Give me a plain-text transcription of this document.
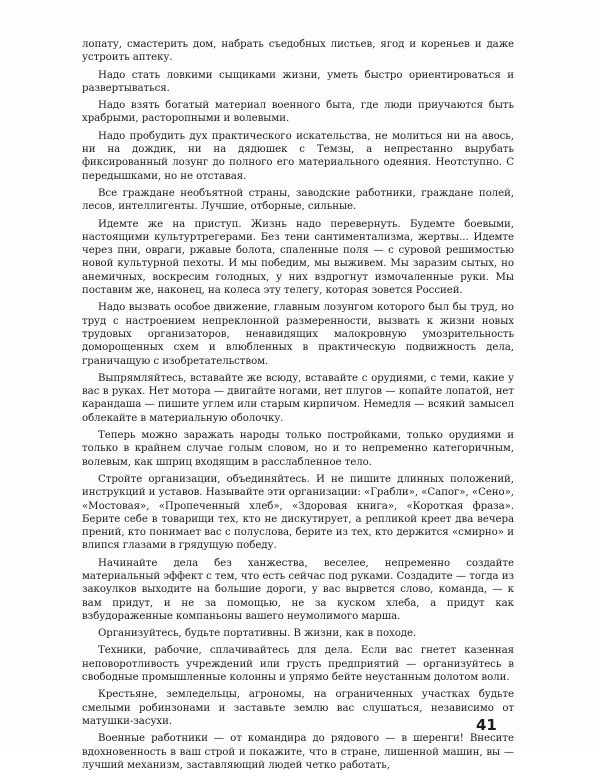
лопату, смастерить дом, набрать съедобных листьев, ягод и кореньев и даже устроить аптеку.

Надо стать ловкими сыщиками жизни, уметь быстро ориентироваться и развертываться.

Надо взять богатый материал военного быта, где люди приучаются быть храбрыми, расторопными и волевыми.

Надо пробудить дух практического искательства, не молиться ни на авось, ни на дождик, ни на дядюшек с Темзы, а непрестанно вырубать фиксированный лозунг до полного его материального одеяния. Неотступно. С передышками, но не отставая.

Все граждане необъятной страны, заводские работники, граждане полей, лесов, интеллигенты. Лучшие, отборные, сильные.

Идемте же на приступ. Жизнь надо перевернуть. Будемте боевыми, настоящими культуртрегерами. Без тени сантиментализма, жертвы... Идемте через пни, овраги, ржавые болота, спаленные поля — с суровой решимостью новой культурной пехоты. И мы победим, мы выживем. Мы заразим сытых, но анемичных, воскресим голодных, у них вздрогнут измочаленные руки. Мы поставим же, наконец, на колеса эту телегу, которая зовется Россией.

Надо вызвать особое движение, главным лозунгом которого был бы труд, но труд с настроением непреклонной размеренности, вызвать к жизни новых трудовых организаторов, ненавидящих малокровную умозрительность доморощенных схем и влюбленных в практическую подвижность дела, граничащую с изобретательством.

Выпрямляйтесь, вставайте же всюду, вставайте с орудиями, с теми, какие у вас в руках. Нет мотора — двигайте ногами, нет плугов — копайте лопатой, нет карандаша — пишите углем или старым кирпичом. Немедля — всякий замысел облекайте в материальную оболочку.

Теперь можно заражать народы только постройками, только орудиями и только в крайнем случае голым словом, но и то непременно категоричным, волевым, как шприц входящим в расслабленное тело.

Стройте организации, объединяйтесь. И не пишите длинных положений, инструкций и уставов. Называйте эти организации: «Грабли», «Сапог», «Сено», «Мостовая», «Пропеченный хлеб», «Здоровая книга», «Короткая фраза». Берите себе в товарищи тех, кто не дискутирует, а репликой креет два вечера прений, кто понимает вас с полуслова, берите из тех, кто держится «смирно» и влипся глазами в грядущую победу.

Начинайте дела без ханжества, веселее, непременно создайте материальный эффект с тем, что есть сейчас под руками. Создадите — тогда из закоулков выходите на большие дороги, у вас вырвется слово, команда, — к вам придут, и не за помощью, не за куском хлеба, а придут как взбудораженные компаньоны вашего неумолимого марша.

Организуйтесь, будьте портативны. В жизни, как в походе.

Техники, рабочие, сплачивайтесь для дела. Если вас гнетет казенная неповоротливость учреждений или грусть предприятий — организуйтесь в свободные промышленные колонны и упрямо бейте неустанным долотом воли.

Крестьяне, земледельцы, агрономы, на ограниченных участках будьте смелыми робинзонами и заставьте землю вас слушаться, независимо от матушки-засухи.

Военные работники — от командира до рядового — в шеренги! Внесите вдохновенность в ваш строй и покажите, что в стране, лишенной машин, вы — лучший механизм, заставляющий людей четко работать,

41
